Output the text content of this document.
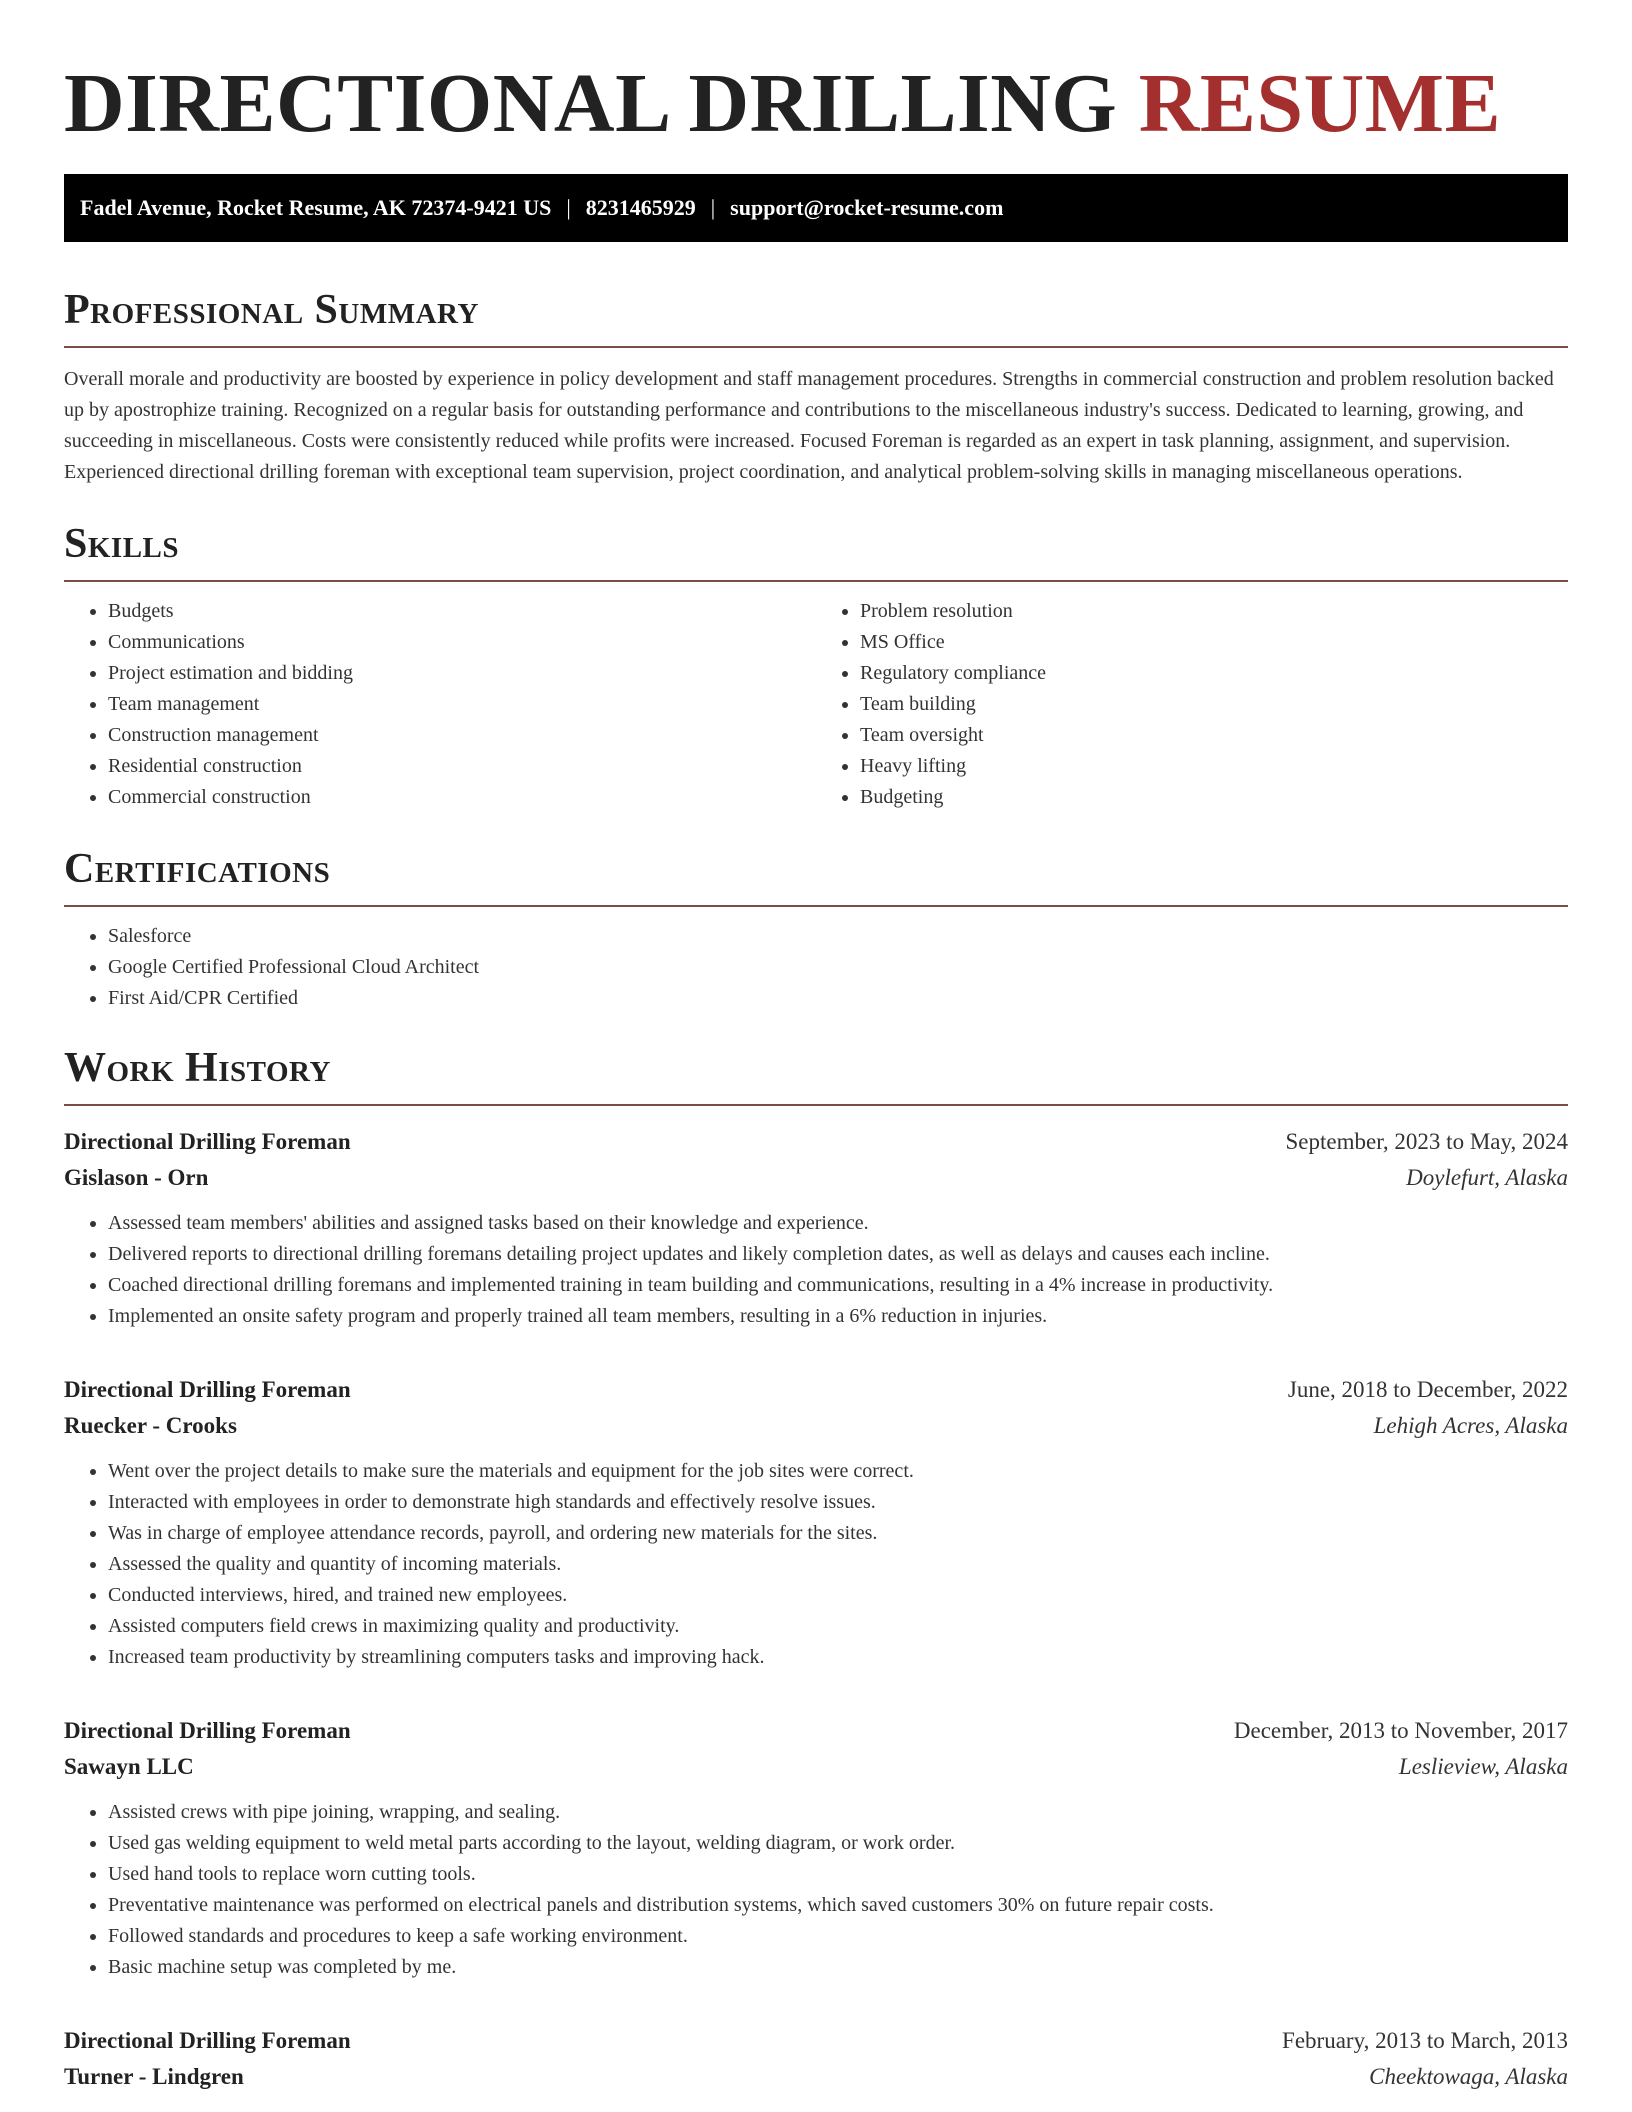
DIRECTIONAL DRILLING RESUME
Fadel Avenue, Rocket Resume, AK 72374-9421 US | 8231465929 | support@rocket-resume.com
Professional Summary

Overall morale and productivity are boosted by experience in policy development and staff management procedures. Strengths in commercial construction and problem resolution backed up by apostrophize training. Recognized on a regular basis for outstanding performance and contributions to the miscellaneous industry's success. Dedicated to learning, growing, and succeeding in miscellaneous. Costs were consistently reduced while profits were increased. Focused Foreman is regarded as an expert in task planning, assignment, and supervision. Experienced directional drilling foreman with exceptional team supervision, project coordination, and analytical problem-solving skills in managing miscellaneous operations.

Skills
• Budgets
• Communications
• Project estimation and bidding
• Team management
• Construction management
• Residential construction
• Commercial construction
• Problem resolution
• MS Office
• Regulatory compliance
• Team building
• Team oversight
• Heavy lifting
• Budgeting
Certifications
• Salesforce
• Google Certified Professional Cloud Architect
• First Aid/CPR Certified
Work History
Directional Drilling Foreman	September, 2023 to May, 2024
Gislason - Orn	Doylefurt, Alaska
• Assessed team members' abilities and assigned tasks based on their knowledge and experience.
• Delivered reports to directional drilling foremans detailing project updates and likely completion dates, as well as delays and causes each incline.
• Coached directional drilling foremans and implemented training in team building and communications, resulting in a 4% increase in productivity.
• Implemented an onsite safety program and properly trained all team members, resulting in a 6% reduction in injuries.
Directional Drilling Foreman	June, 2018 to December, 2022
Ruecker - Crooks	Lehigh Acres, Alaska
• Went over the project details to make sure the materials and equipment for the job sites were correct.
• Interacted with employees in order to demonstrate high standards and effectively resolve issues.
• Was in charge of employee attendance records, payroll, and ordering new materials for the sites.
• Assessed the quality and quantity of incoming materials.
• Conducted interviews, hired, and trained new employees.
• Assisted computers field crews in maximizing quality and productivity.
• Increased team productivity by streamlining computers tasks and improving hack.
Directional Drilling Foreman	December, 2013 to November, 2017
Sawayn LLC	Leslieview, Alaska
• Assisted crews with pipe joining, wrapping, and sealing.
• Used gas welding equipment to weld metal parts according to the layout, welding diagram, or work order.
• Used hand tools to replace worn cutting tools.
• Preventative maintenance was performed on electrical panels and distribution systems, which saved customers 30% on future repair costs.
• Followed standards and procedures to keep a safe working environment.
• Basic machine setup was completed by me.
Directional Drilling Foreman	February, 2013 to March, 2013
Turner - Lindgren	Cheektowaga, Alaska
